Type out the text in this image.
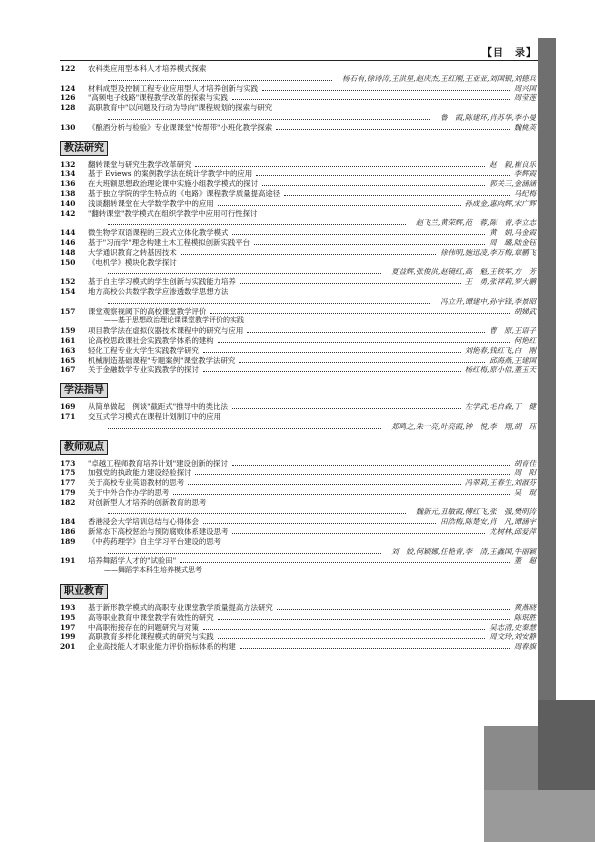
【目　录】
122	农科类应用型本科人才培养模式探索
杨石有,徐诗涛,王洪星,赵庆杰,王红刚,王亚亚,刘国银,刘德兵
124	材料成型及控制工程专业应用型人才培养创新与实践	周兴国
126	"高频电子线路"课程教学改革的探索与实践	周莹莲
128	高职教育中"以问题及行动为导向"课程规划的探索与研究
鲁　霞,陈建环,肖苏华,李小曼
130	《酿酒分析与检验》专业课课堂"传帮带"小班化教学探索	魏桃英
教法研究
132	翻转课堂与研究生教学改革研究	赵　毅,崔良乐
134	基于 Eviews 的案例教学法在统计学教学中的应用	李辉霞
136	在大班额思想政治理论课中实施小组教学模式的探讨	郭关三,金涵涵
138	基于独立学院的学生特点的《电路》课程教学质量提高途径	马纪梅
140	浅谈翻转课堂在大学数学教学中的应用	孙成金,惠向辉,宋广辉
142	"翻转课堂"教学模式在组织学教学中应用可行性探讨
赵飞兰,黄荣辉,范　蓉,陈　青,李立志
144	微生物学双语课程的三段式立体化教学模式	黄　娟,马金霞
146	基于"习而学"理念构建土木工程模拟创新实践平台	周　璐,陆金钰
148	大学通识教育之转基因技术	徐伟明,施迅凌,李万梅,章鹏飞
150	《电机学》模块化教学探讨
夏益辉,张俊洪,赵镜红,高　魁,王铁军,方　芳
152	基于自主学习模式的学生创新与实践能力培养	王　勇,张祥莉,罗大鹏
154	地方高校公共数学教学应渗透数学思想方法
冯立升,谭建中,孙宇锋,李景昭
157	课堂观察视阈下的高校课堂教学评价	胡娣武
——基于思想政治理论课课堂教学评价的实践
159	项目教学法在虚拟仪器技术课程中的研究与应用	曹　原,王语子
161	论高校思政课社会实践教学体系的建构	何艳红
163	轻化工程专业大学生实践教学研究	刘艳春,钱红飞,白　刚
165	机械制造基础课程"专题案例"课堂教学法研究	邱海燕,王建国
167	关于金融数学专业实践教学的探讨	杨红梅,原小倍,董玉天
学法指导
169	从简单做起　例谈"截距式"推导中的类比法	左学武,毛自森,丁　健
171	交互式学习模式在课程计划制订中的应用
郑鸣之,朱一亮,叶亮霞,钟　悦,李　翔,胡　珏
教师观点
173	"卓越工程师教育培养计划"建设创新的探讨	胡育佳
175	加强党的执政能力建设经验探讨	周　阳
177	关于高校专业英语教材的思考	冯翠莉,王春生,刘淑芬
179	关于中外合作办学的思考	吴　琨
182	对创新型人才培养的创新教育的思考
魏新元,丑敏霞,傅红飞,张　强,樊明涛
184	香港浸会大学培训总结与心得体会	田浩梅,陈楚安,肖　凡,谭涵宇
186	新常态下高校惩治与预防腐败体系建设思考	尤树林,邱爱萍
189	《中药药理学》自主学习平台建设的思考
刘　姣,何颖娜,任艳青,李　清,王鑫国,牛丽颖
191	培养舞蹈学人才的"试验田"	董　超
——舞蹈学本科生培养模式思考
职业教育
193	基于新形教学模式的高职专业课堂教学质量提高方法研究	黄燕晓
195	高等职业教育中课堂教学有效性的研究	陈珉胜
197	中高职衔接存在的问题研究与对策	吴志清,史秦慧
199	高职教育多样化课程模式的研究与实践	周文玲,刘安静
201	企业高技能人才职业能力评价指标体系的构建	周春旗
